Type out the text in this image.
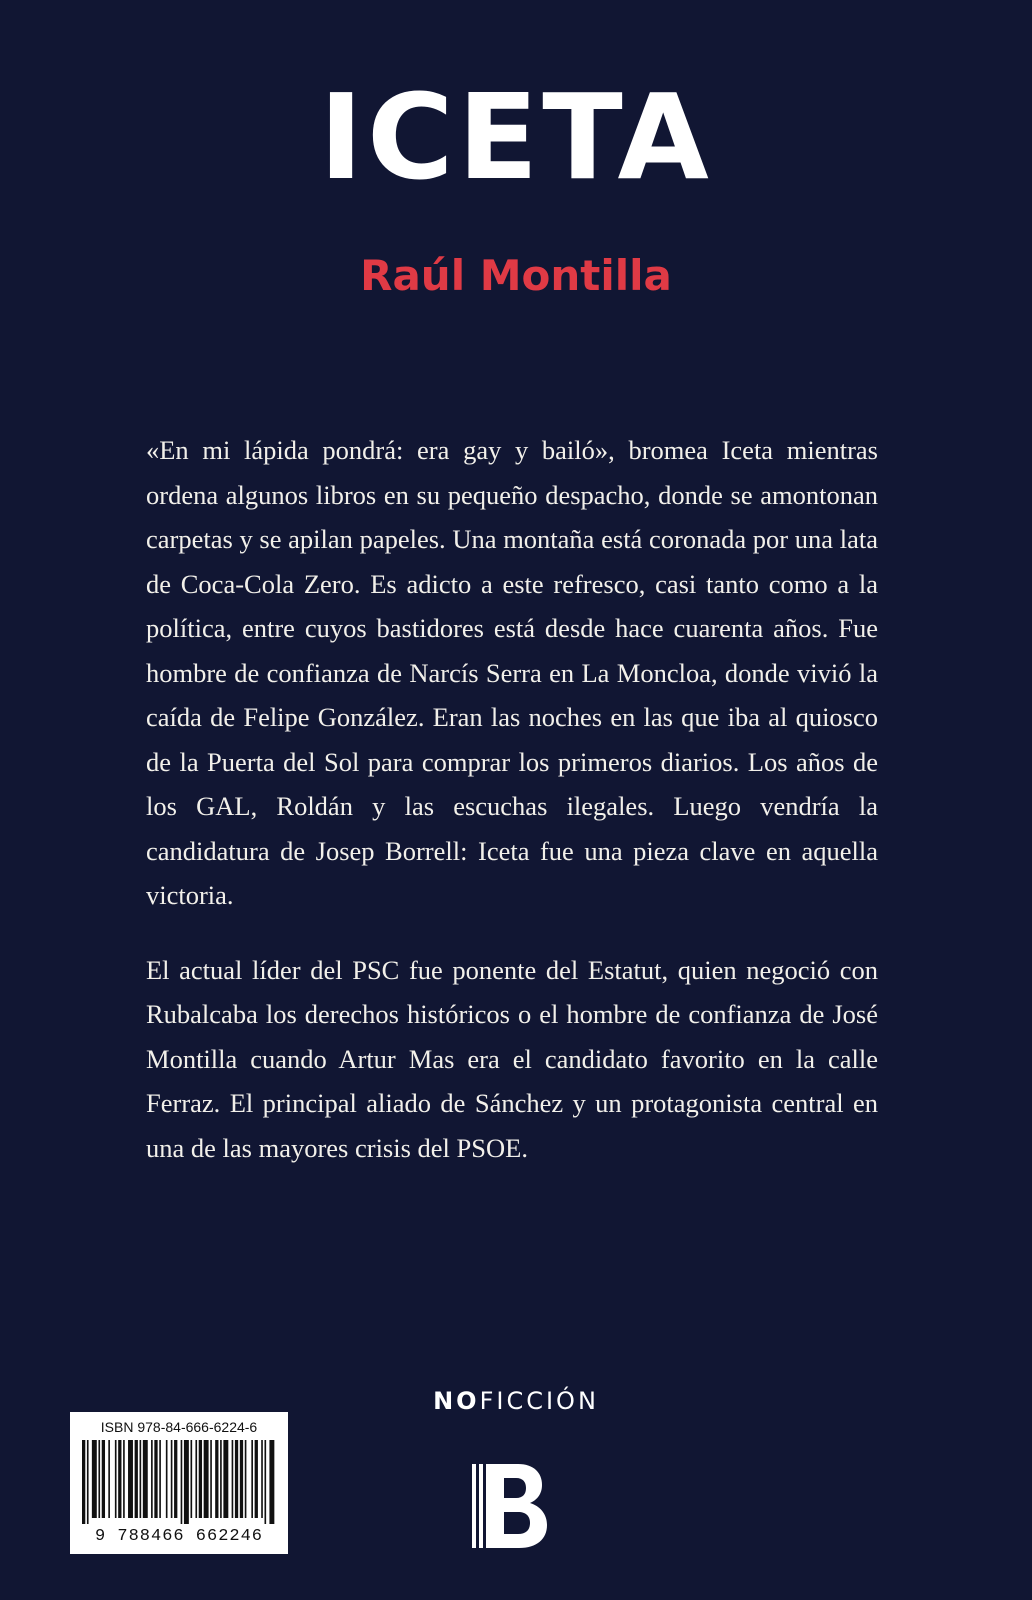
ICETA
Raúl Montilla

«En mi lápida pondrá: era gay y bailó», bromea Iceta mientras ordena algunos libros en su pequeño despacho, donde se amontonan carpetas y se apilan papeles. Una montaña está coronada por una lata de Coca-Cola Zero. Es adicto a este refresco, casi tanto como a la política, entre cuyos bastidores está desde hace cuarenta años. Fue hombre de confianza de Narcís Serra en La Moncloa, donde vivió la caída de Felipe González. Eran las noches en las que iba al quiosco de la Puerta del Sol para comprar los primeros diarios. Los años de los GAL, Roldán y las escuchas ilegales. Luego vendría la candidatura de Josep Borrell: Iceta fue una pieza clave en aquella victoria.

El actual líder del PSC fue ponente del Estatut, quien negoció con Rubalcaba los derechos históricos o el hombre de confianza de José Montilla cuando Artur Mas era el candidato favorito en la calle Ferraz. El principal aliado de Sánchez y un protagonista central en una de las mayores crisis del PSOE.

NOFICCIÓN
ISBN 978-84-666-6224-6
9 788466 662246
